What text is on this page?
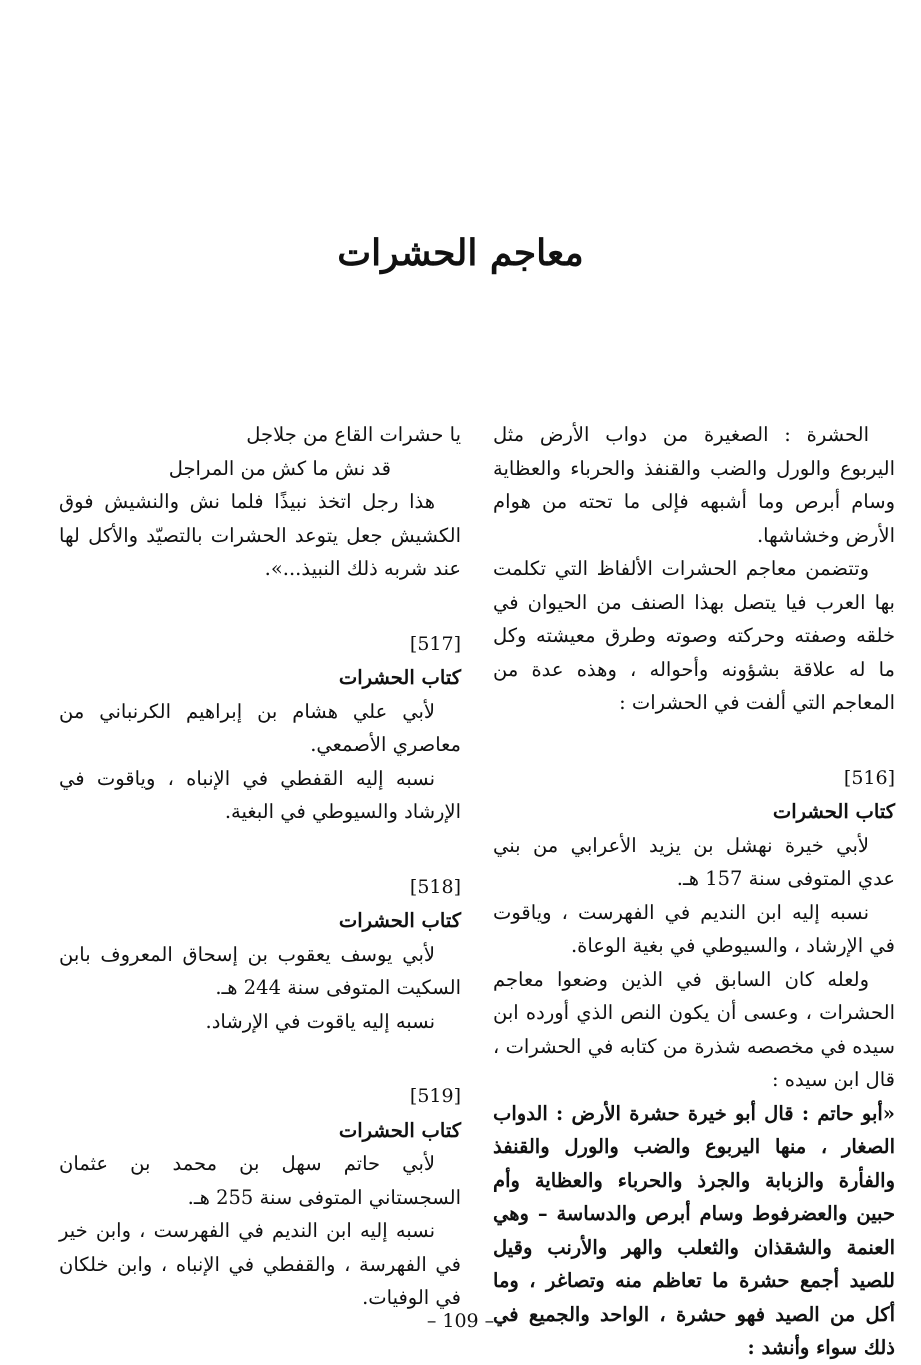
معاجم الحشرات

الحشرة : الصغيرة من دواب الأرض مثل اليربوع والورل والضب والقنفذ والحرباء والعظاية وسام أبرص وما أشبهه فإلى ما تحته من هوام الأرض وخشاشها.

وتتضمن معاجم الحشرات الألفاظ التي تكلمت بها العرب فيا يتصل بهذا الصنف من الحيوان في خلقه وصفته وحركته وصوته وطرق معيشته وكل ما له علاقة بشؤونه وأحواله ، وهذه عدة من المعاجم التي ألفت في الحشرات :

[516]

كتاب الحشرات

لأبي خيرة نهشل بن يزيد الأعرابي من بني عدي المتوفى سنة 157 هـ.

نسبه إليه ابن النديم في الفهرست ، وياقوت في الإرشاد ، والسيوطي في بغية الوعاة.

ولعله كان السابق في الذين وضعوا معاجم الحشرات ، وعسى أن يكون النص الذي أورده ابن سيده في مخصصه شذرة من كتابه في الحشرات ، قال ابن سيده :

«أبو حاتم : قال أبو خيرة حشرة الأرض : الدواب الصغار ، منها اليربوع والضب والورل والقنفذ والفأرة والزبابة والجرذ والحرباء والعظاية وأم حبين والعضرفوط وسام أبرص والدساسة – وهي العنمة والشقذان والثعلب والهر والأرنب وقيل للصيد أجمع حشرة ما تعاظم منه وتصاغر ، وما أكل من الصيد فهو حشرة ، الواحد والجميع في ذلك سواء وأنشد :

يا حشرات القاع من جلاجل

قد نش ما كش من المراجل

هذا رجل اتخذ نبيذًا فلما نش والنشيش فوق الكشيش جعل يتوعد الحشرات بالتصيّد والأكل لها عند شربه ذلك النبيذ...».

[517]

كتاب الحشرات

لأبي علي هشام بن إبراهيم الكرنباني من معاصري الأصمعي.

نسبه إليه القفطي في الإنباه ، وياقوت في الإرشاد والسيوطي في البغية.

[518]

كتاب الحشرات

لأبي يوسف يعقوب بن إسحاق المعروف بابن السكيت المتوفى سنة 244 هـ.

نسبه إليه ياقوت في الإرشاد.

[519]

كتاب الحشرات

لأبي حاتم سهل بن محمد بن عثمان السجستاني المتوفى سنة 255 هـ.

نسبه إليه ابن النديم في الفهرست ، وابن خير في الفهرسة ، والقفطي في الإنباه ، وابن خلكان في الوفيات.

– 109 –
